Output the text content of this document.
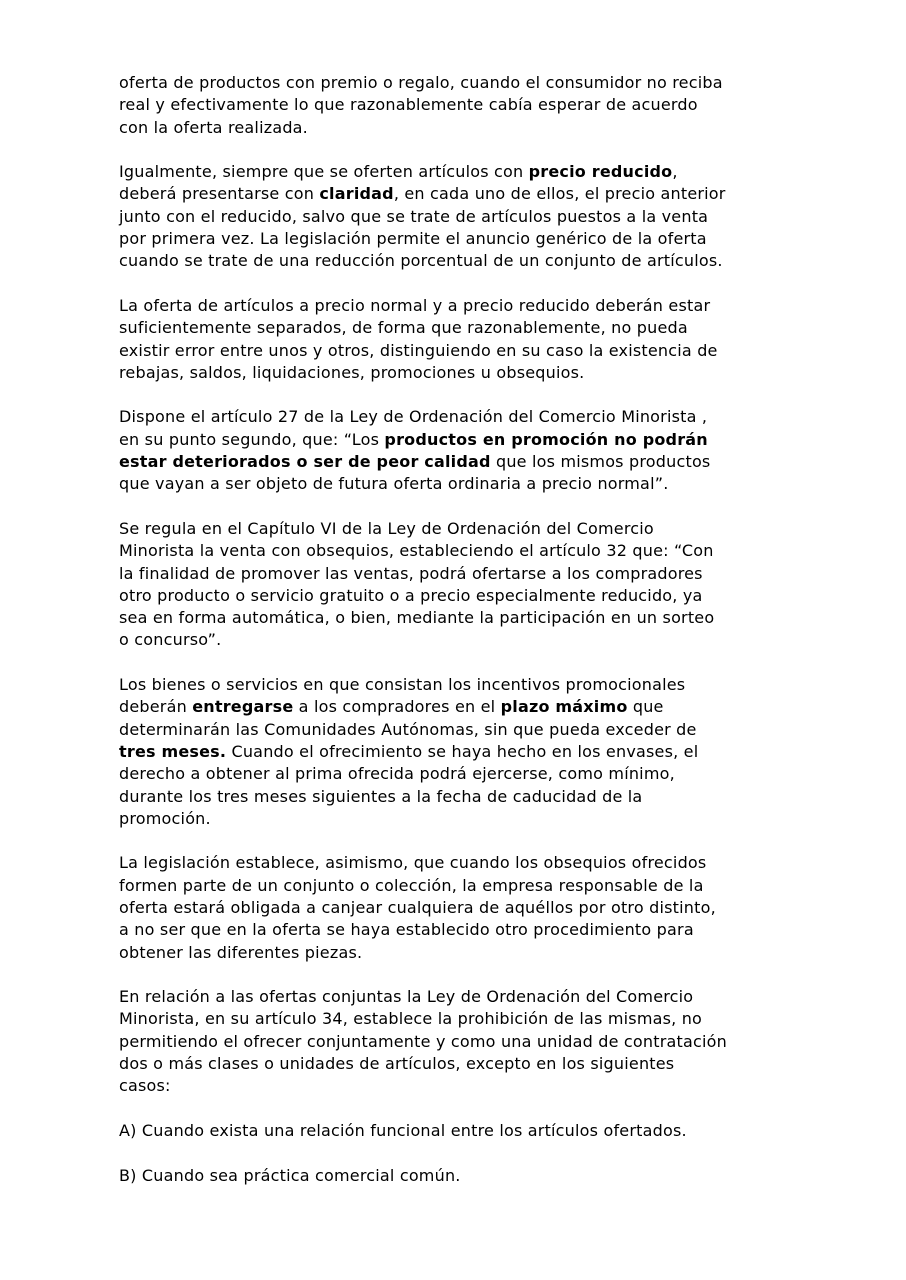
oferta de productos con premio o regalo, cuando el consumidor no reciba
real y efectivamente lo que razonablemente cabía esperar de acuerdo
con la oferta realizada.
Igualmente, siempre que se oferten artículos con precio reducido,
deberá presentarse con claridad, en cada uno de ellos, el precio anterior
junto con el reducido, salvo que se trate de artículos puestos a la venta
por primera vez. La legislación permite el anuncio genérico de la oferta
cuando se trate de una reducción porcentual de un conjunto de artículos.
La oferta de artículos a precio normal y a precio reducido deberán estar
suficientemente separados, de forma que razonablemente, no pueda
existir error entre unos y otros, distinguiendo en su caso la existencia de
rebajas, saldos, liquidaciones, promociones u obsequios.
Dispone el artículo 27 de la Ley de Ordenación del Comercio Minorista ,
en su punto segundo, que: “Los productos en promoción no podrán
estar deteriorados o ser de peor calidad que los mismos productos
que vayan a ser objeto de futura oferta ordinaria a precio normal”.
Se regula en el Capítulo VI de la Ley de Ordenación del Comercio
Minorista la venta con obsequios, estableciendo el artículo 32 que: “Con
la finalidad de promover las ventas, podrá ofertarse a los compradores
otro producto o servicio gratuito o a precio especialmente reducido, ya
sea en forma automática, o bien, mediante la participación en un sorteo
o concurso”.
Los bienes o servicios en que consistan los incentivos promocionales
deberán entregarse a los compradores en el plazo máximo que
determinarán las Comunidades Autónomas, sin que pueda exceder de
tres meses. Cuando el ofrecimiento se haya hecho en los envases, el
derecho a obtener al prima ofrecida podrá ejercerse, como mínimo,
durante los tres meses siguientes a la fecha de caducidad de la
promoción.
La legislación establece, asimismo, que cuando los obsequios ofrecidos
formen parte de un conjunto o colección, la empresa responsable de la
oferta estará obligada a canjear cualquiera de aquéllos por otro distinto,
a no ser que en la oferta se haya establecido otro procedimiento para
obtener las diferentes piezas.
En relación a las ofertas conjuntas la Ley de Ordenación del Comercio
Minorista, en su artículo 34, establece la prohibición de las mismas, no
permitiendo el ofrecer conjuntamente y como una unidad de contratación
dos o más clases o unidades de artículos, excepto en los siguientes
casos:
A) Cuando exista una relación funcional entre los artículos ofertados.
B) Cuando sea práctica comercial común.
